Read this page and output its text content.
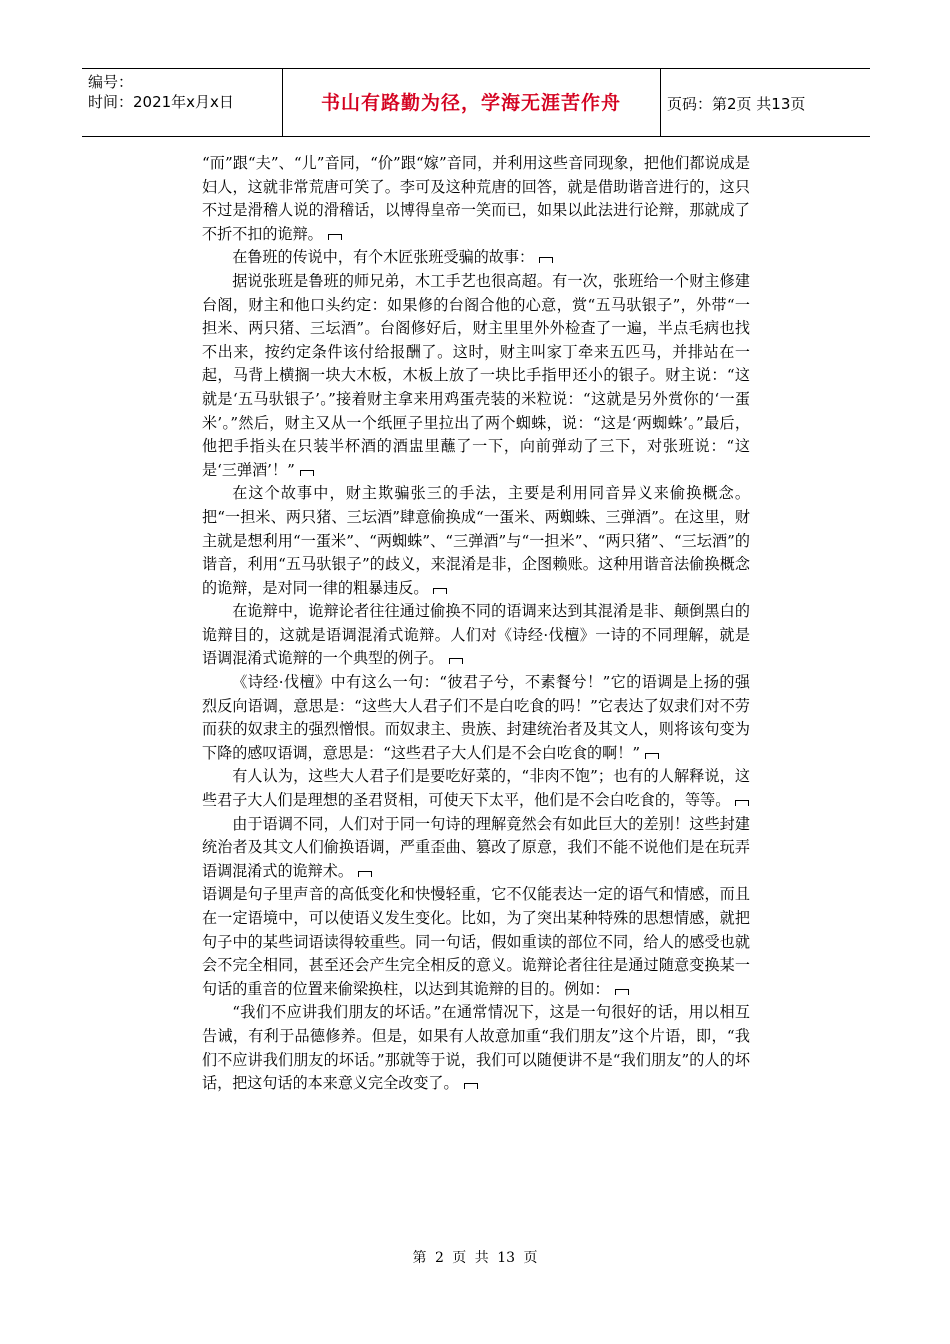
编号：
时间：2021年x月x日	书山有路勤为径，学海无涯苦作舟	页码：第2页 共13页

“而”跟“夫”、“儿”音同，“价”跟“嫁”音同，并利用这些音同现象，把他们都说成是妇人，这就非常荒唐可笑了。李可及这种荒唐的回答，就是借助谐音进行的，这只不过是滑稽人说的滑稽话，以博得皇帝一笑而已，如果以此法进行论辩，那就成了不折不扣的诡辩。

在鲁班的传说中，有个木匠张班受骗的故事：

据说张班是鲁班的师兄弟，木工手艺也很高超。有一次，张班给一个财主修建台阁，财主和他口头约定：如果修的台阁合他的心意，赏“五马驮银子”，外带“一担米、两只猪、三坛酒”。台阁修好后，财主里里外外检查了一遍，半点毛病也找不出来，按约定条件该付给报酬了。这时，财主叫家丁牵来五匹马，并排站在一起，马背上横搁一块大木板，木板上放了一块比手指甲还小的银子。财主说：“这就是‘五马驮银子’。”接着财主拿来用鸡蛋壳装的米粒说：“这就是另外赏你的‘一蛋米’。”然后，财主又从一个纸匣子里拉出了两个蜘蛛，说：“这是‘两蜘蛛’。”最后，他把手指头在只装半杯酒的酒盅里蘸了一下，向前弹动了三下，对张班说：“这是‘三弹酒’！”

在这个故事中，财主欺骗张三的手法，主要是利用同音异义来偷换概念。把“一担米、两只猪、三坛酒”肆意偷换成“一蛋米、两蜘蛛、三弹酒”。在这里，财主就是想利用“一蛋米”、“两蜘蛛”、“三弹酒”与“一担米”、“两只猪”、“三坛酒”的谐音，利用“五马驮银子”的歧义，来混淆是非，企图赖账。这种用谐音法偷换概念的诡辩，是对同一律的粗暴违反。

在诡辩中，诡辩论者往往通过偷换不同的语调来达到其混淆是非、颠倒黑白的诡辩目的，这就是语调混淆式诡辩。人们对《诗经·伐檀》一诗的不同理解，就是语调混淆式诡辩的一个典型的例子。

《诗经·伐檀》中有这么一句：“彼君子兮，不素餐兮！”它的语调是上扬的强烈反向语调，意思是：“这些大人君子们不是白吃食的吗！”它表达了奴隶们对不劳而获的奴隶主的强烈憎恨。而奴隶主、贵族、封建统治者及其文人，则将该句变为下降的感叹语调，意思是：“这些君子大人们是不会白吃食的啊！”

有人认为，这些大人君子们是要吃好菜的，“非肉不饱”；也有的人解释说，这些君子大人们是理想的圣君贤相，可使天下太平，他们是不会白吃食的，等等。

由于语调不同，人们对于同一句诗的理解竟然会有如此巨大的差别！这些封建统治者及其文人们偷换语调，严重歪曲、篡改了原意，我们不能不说他们是在玩弄语调混淆式的诡辩术。

语调是句子里声音的高低变化和快慢轻重，它不仅能表达一定的语气和情感，而且在一定语境中，可以使语义发生变化。比如，为了突出某种特殊的思想情感，就把句子中的某些词语读得较重些。同一句话，假如重读的部位不同，给人的感受也就会不完全相同，甚至还会产生完全相反的意义。诡辩论者往往是通过随意变换某一句话的重音的位置来偷梁换柱，以达到其诡辩的目的。例如：

“我们不应讲我们朋友的坏话。”在通常情况下，这是一句很好的话，用以相互告诫，有利于品德修养。但是，如果有人故意加重“我们朋友”这个片语，即，“我们不应讲我们朋友的坏话。”那就等于说，我们可以随便讲不是“我们朋友”的人的坏话，把这句话的本来意义完全改变了。

第 2 页 共 13 页
